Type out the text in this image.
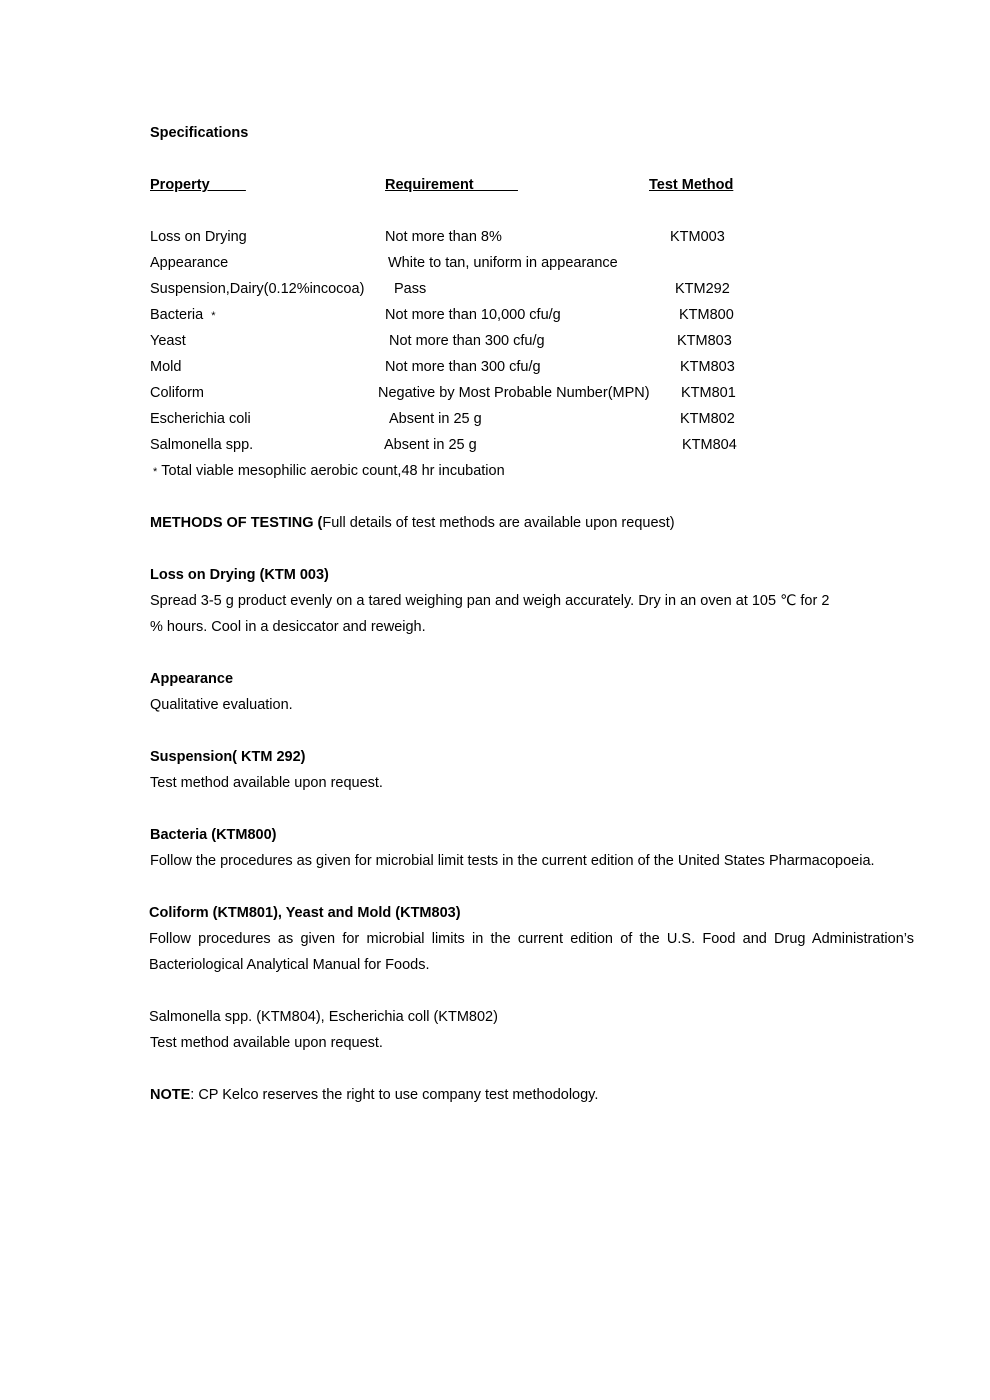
Specifications
Property	Requirement	Test Method
Loss on Drying	Not more than 8%	KTM003
Appearance	White to tan, uniform in appearance
Suspension,Dairy(0.12%incocoa) Pass	KTM292
Bacteria *	Not more than 10,000 cfu/g	KTM800
Yeast	Not more than 300 cfu/g	KTM803
Mold	Not more than 300 cfu/g	KTM803
Coliform	Negative by Most Probable Number(MPN) KTM801
Escherichia coli	Absent in 25 g	KTM802
Salmonella spp.	Absent in 25 g	KTM804
* Total viable mesophilic aerobic count,48 hr incubation
METHODS OF TESTING (Full details of test methods are available upon request)
Loss on Drying (KTM 003)
Spread 3-5 g product evenly on a tared weighing pan and weigh accurately. Dry in an oven at 105 ℃ for 2
% hours. Cool in a desiccator and reweigh.
Appearance
Qualitative evaluation.
Suspension( KTM 292)
Test method available upon request.
Bacteria (KTM800)
Follow the procedures as given for microbial limit tests in the current edition of the United States Pharmacopoeia.
Coliform (KTM801), Yeast and Mold (KTM803)
Follow procedures as given for microbial limits in the current edition of the U.S. Food and Drug Administration’s
Bacteriological Analytical Manual for Foods.
Salmonella spp. (KTM804), Escherichia coll (KTM802)
Test method available upon request.
NOTE: CP Kelco reserves the right to use company test methodology.
